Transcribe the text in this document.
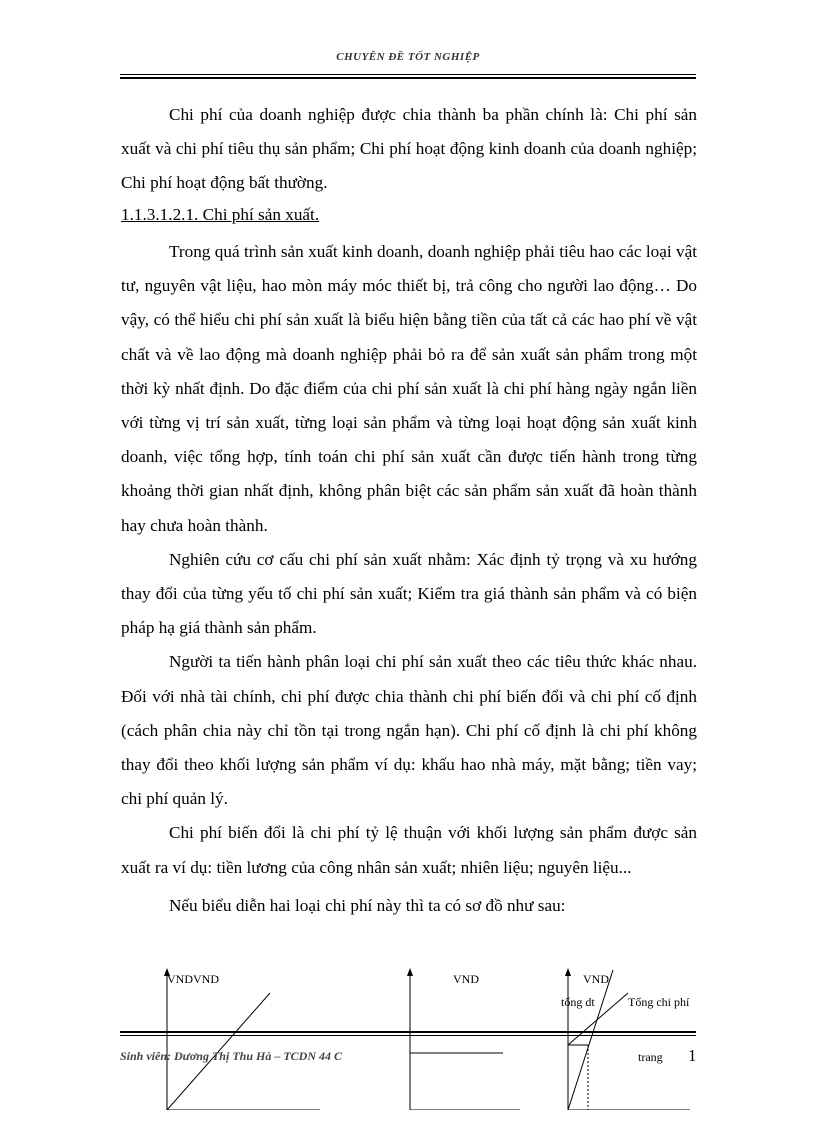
CHUYÊN ĐỀ TỐT NGHIỆP

Chi phí của doanh nghiệp được chia thành ba phần chính là: Chi phí sản xuất và chi phí tiêu thụ sản phẩm; Chi phí hoạt động kinh doanh của doanh nghiệp; Chi phí hoạt động bất thường.

1.1.3.1.2.1. Chi phí sản xuất.

Trong quá trình sản xuất kinh doanh, doanh nghiệp phải tiêu hao các loại vật tư, nguyên vật liệu, hao mòn máy móc thiết bị, trả công cho người lao động… Do vậy, có thể hiểu chi phí sản xuất là biểu hiện bằng tiền của tất cả các hao phí về vật chất và về lao động mà doanh nghiệp phải bỏ ra để sản xuất sản phẩm trong một thời kỳ nhất định. Do đặc điểm của chi phí sản xuất là chi phí hàng ngày ngắn liền với từng vị trí sản xuất, từng loại sản phẩm và từng loại hoạt động sản xuất kinh doanh, việc tổng hợp, tính toán chi phí sản xuất cần được tiến hành trong từng khoảng thời gian nhất định, không phân biệt các sản phẩm sản xuất đã hoàn thành hay chưa hoàn thành.

Nghiên cứu cơ cấu chi phí sản xuất nhằm: Xác định tỷ trọng và xu hướng thay đổi của từng yếu tố chi phí sản xuất; Kiểm tra giá thành sản phẩm và có biện pháp hạ giá thành sản phẩm.

Người ta tiến hành phân loại chi phí sản xuất theo các tiêu thức khác nhau. Đối với nhà tài chính, chi phí được chia thành chi phí biến đổi và chi phí cố định (cách phân chia này chỉ tồn tại trong ngắn hạn). Chi phí cố định là chi phí không thay đổi theo khối lượng sản phẩm ví dụ: khấu hao nhà máy, mặt bằng; tiền vay; chi phí quản lý.

Chi phí biến đổi là chi phí tỷ lệ thuận với khối lượng sản phẩm được sản xuất ra ví dụ: tiền lương của công nhân sản xuất; nhiên liệu; nguyên liệu...

Nếu biểu diễn hai loại chi phí này thì ta có sơ đồ như sau:

VNDVND	VND	VND
tổng dt	Tổng chi phí
Sinh viên: Dương Thị Thu Hà – TCDN 44 C	trang 1
